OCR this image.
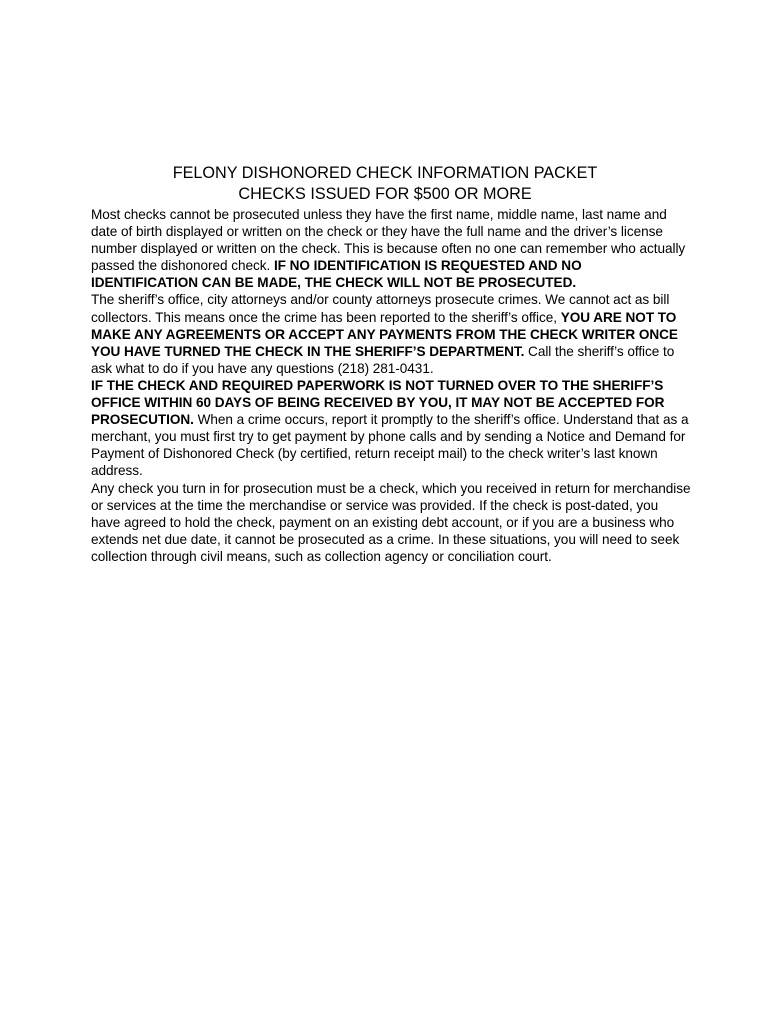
FELONY DISHONORED CHECK INFORMATION PACKET
CHECKS ISSUED FOR $500 OR MORE

Most checks cannot be prosecuted unless they have the first name, middle name, last name and date of birth displayed or written on the check or they have the full name and the driver’s license number displayed or written on the check. This is because often no one can remember who actually passed the dishonored check. IF NO IDENTIFICATION IS REQUESTED AND NO IDENTIFICATION CAN BE MADE, THE CHECK WILL NOT BE PROSECUTED.

The sheriff’s office, city attorneys and/or county attorneys prosecute crimes. We cannot act as bill collectors. This means once the crime has been reported to the sheriff’s office, YOU ARE NOT TO MAKE ANY AGREEMENTS OR ACCEPT ANY PAYMENTS FROM THE CHECK WRITER ONCE YOU HAVE TURNED THE CHECK IN THE SHERIFF’S DEPARTMENT. Call the sheriff’s office to ask what to do if you have any questions (218) 281-0431.

IF THE CHECK AND REQUIRED PAPERWORK IS NOT TURNED OVER TO THE SHERIFF’S OFFICE WITHIN 60 DAYS OF BEING RECEIVED BY YOU, IT MAY NOT BE ACCEPTED FOR PROSECUTION. When a crime occurs, report it promptly to the sheriff’s office. Understand that as a merchant, you must first try to get payment by phone calls and by sending a Notice and Demand for Payment of Dishonored Check (by certified, return receipt mail) to the check writer’s last known address.

Any check you turn in for prosecution must be a check, which you received in return for merchandise or services at the time the merchandise or service was provided. If the check is post-dated, you have agreed to hold the check, payment on an existing debt account, or if you are a business who extends net due date, it cannot be prosecuted as a crime. In these situations, you will need to seek collection through civil means, such as collection agency or conciliation court.
